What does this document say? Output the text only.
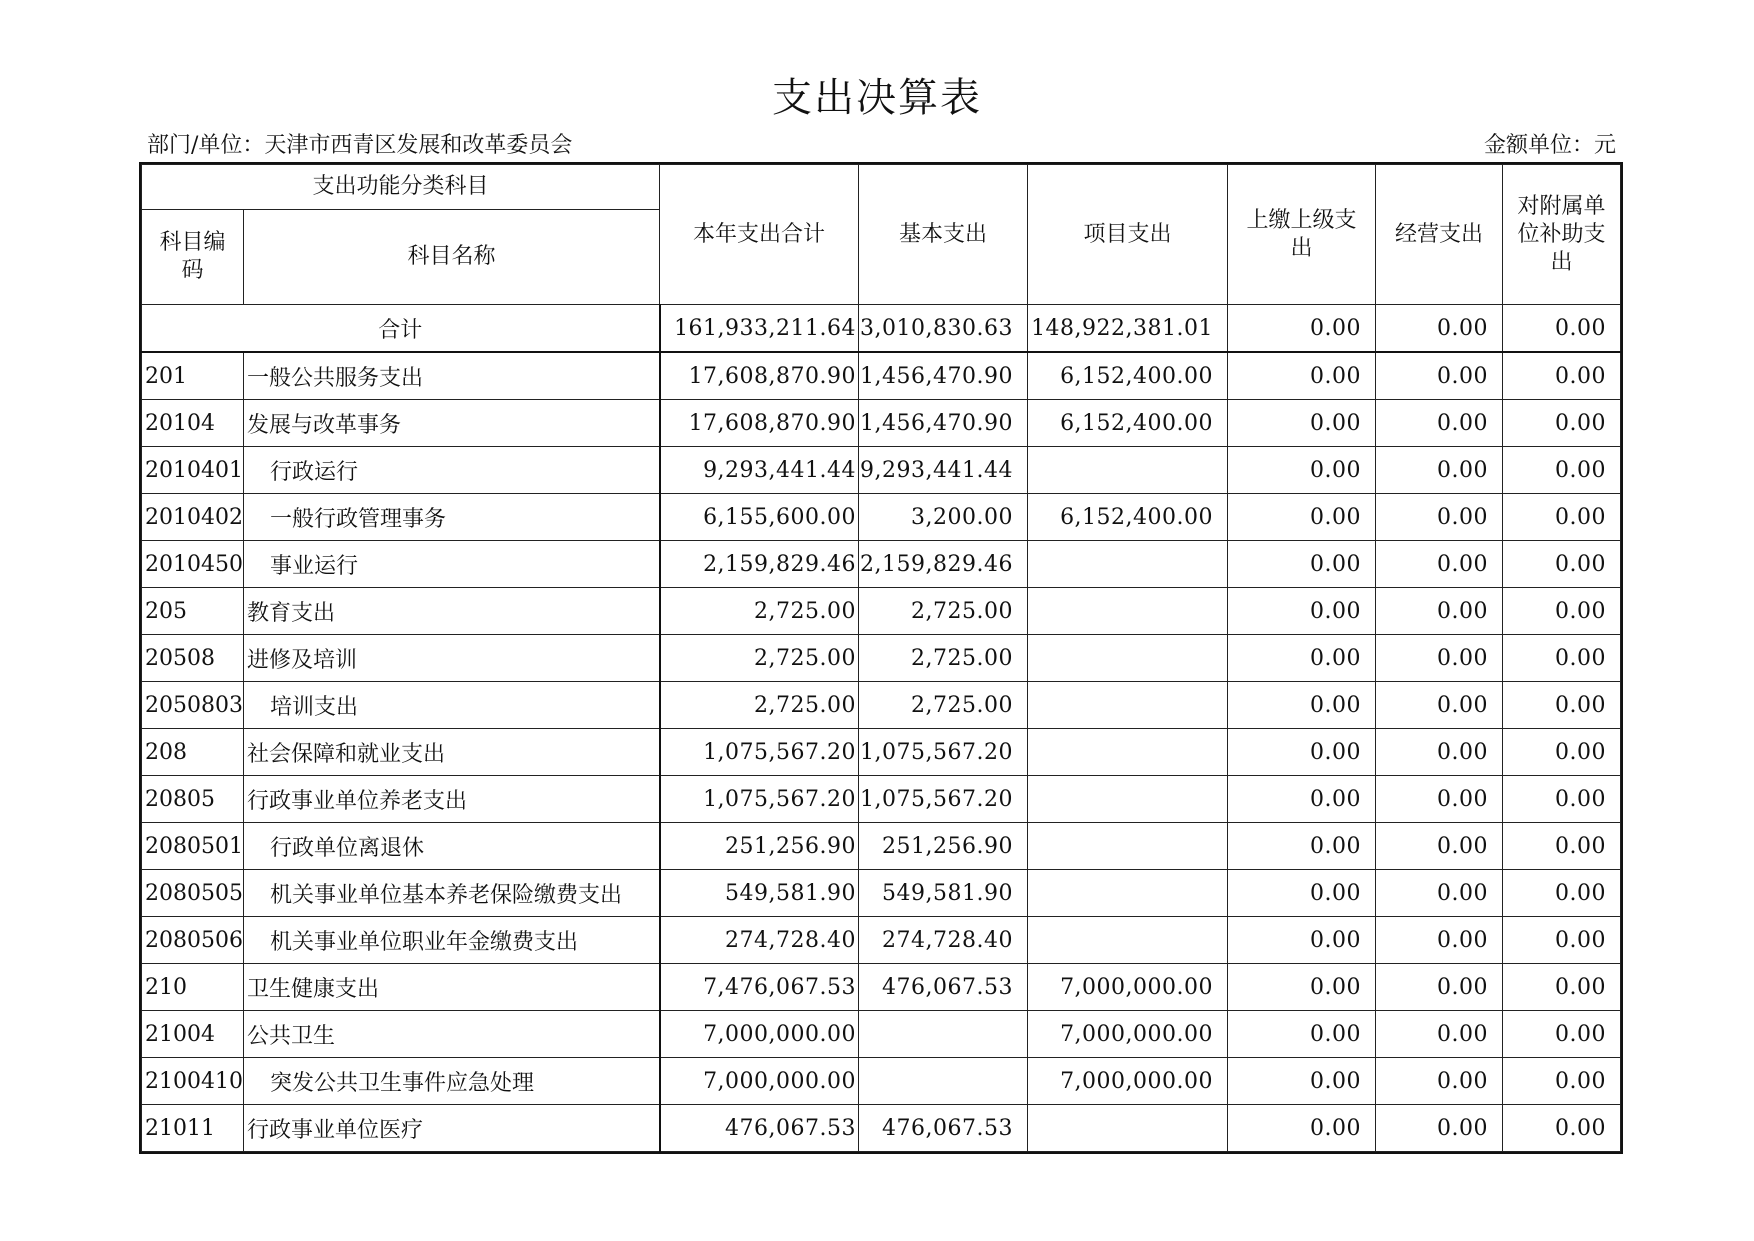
支出决算表
部门/单位：天津市西青区发展和改革委员会	金额单位：元
支出功能分类科目		本年支出合计	基本支出	项目支出	上缴上级支出	经营支出	对附属单位补助支出
科目编码	科目名称						
合计		161,933,211.64	3,010,830.63	148,922,381.01	0.00	0.00	0.00
201	一般公共服务支出	17,608,870.90	1,456,470.90	6,152,400.00	0.00	0.00	0.00
20104	发展与改革事务	17,608,870.90	1,456,470.90	6,152,400.00	0.00	0.00	0.00
2010401	行政运行	9,293,441.44	9,293,441.44		0.00	0.00	0.00
2010402	一般行政管理事务	6,155,600.00	3,200.00	6,152,400.00	0.00	0.00	0.00
2010450	事业运行	2,159,829.46	2,159,829.46		0.00	0.00	0.00
205	教育支出	2,725.00	2,725.00		0.00	0.00	0.00
20508	进修及培训	2,725.00	2,725.00		0.00	0.00	0.00
2050803	培训支出	2,725.00	2,725.00		0.00	0.00	0.00
208	社会保障和就业支出	1,075,567.20	1,075,567.20		0.00	0.00	0.00
20805	行政事业单位养老支出	1,075,567.20	1,075,567.20		0.00	0.00	0.00
2080501	行政单位离退休	251,256.90	251,256.90		0.00	0.00	0.00
2080505	机关事业单位基本养老保险缴费支出	549,581.90	549,581.90		0.00	0.00	0.00
2080506	机关事业单位职业年金缴费支出	274,728.40	274,728.40		0.00	0.00	0.00
210	卫生健康支出	7,476,067.53	476,067.53	7,000,000.00	0.00	0.00	0.00
21004	公共卫生	7,000,000.00		7,000,000.00	0.00	0.00	0.00
2100410	突发公共卫生事件应急处理	7,000,000.00		7,000,000.00	0.00	0.00	0.00
21011	行政事业单位医疗	476,067.53	476,067.53		0.00	0.00	0.00
